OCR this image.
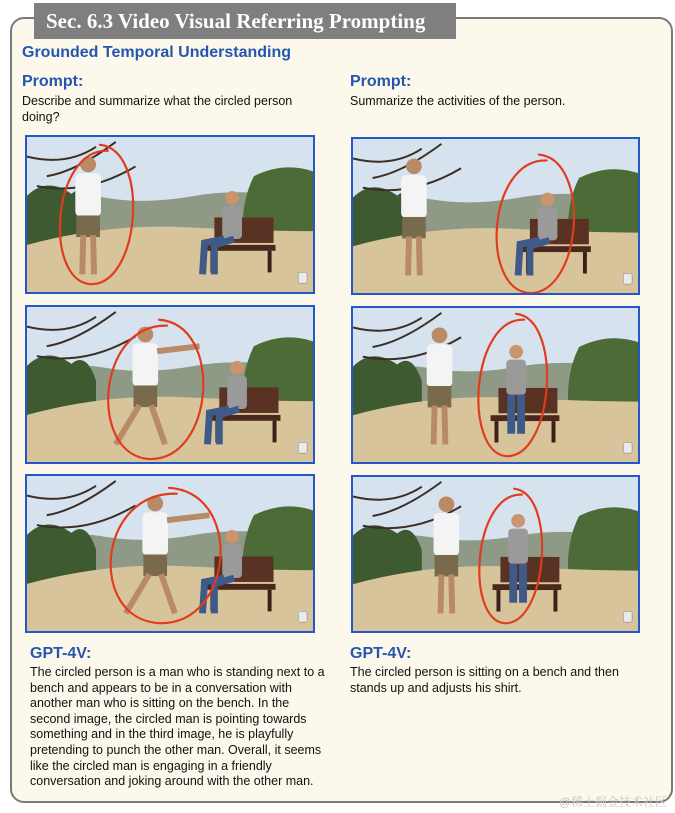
Sec. 6.3 Video Visual Referring Prompting
Grounded Temporal Understanding
Prompt:
Describe and summarize what the circled person doing?
GPT-4V:
The circled person is a man who is standing next to a bench and appears to be in a conversation with another man who is sitting on the bench. In the second image, the circled man is pointing towards something and in the third image, he is playfully pretending to punch the other man. Overall, it seems like the circled man is engaging in a friendly conversation and joking around with the other man.
Prompt:
Summarize the activities of the person.
GPT-4V:
The circled person is sitting on a bench and then stands up and adjusts his shirt.
@稀土掘金技术社区
